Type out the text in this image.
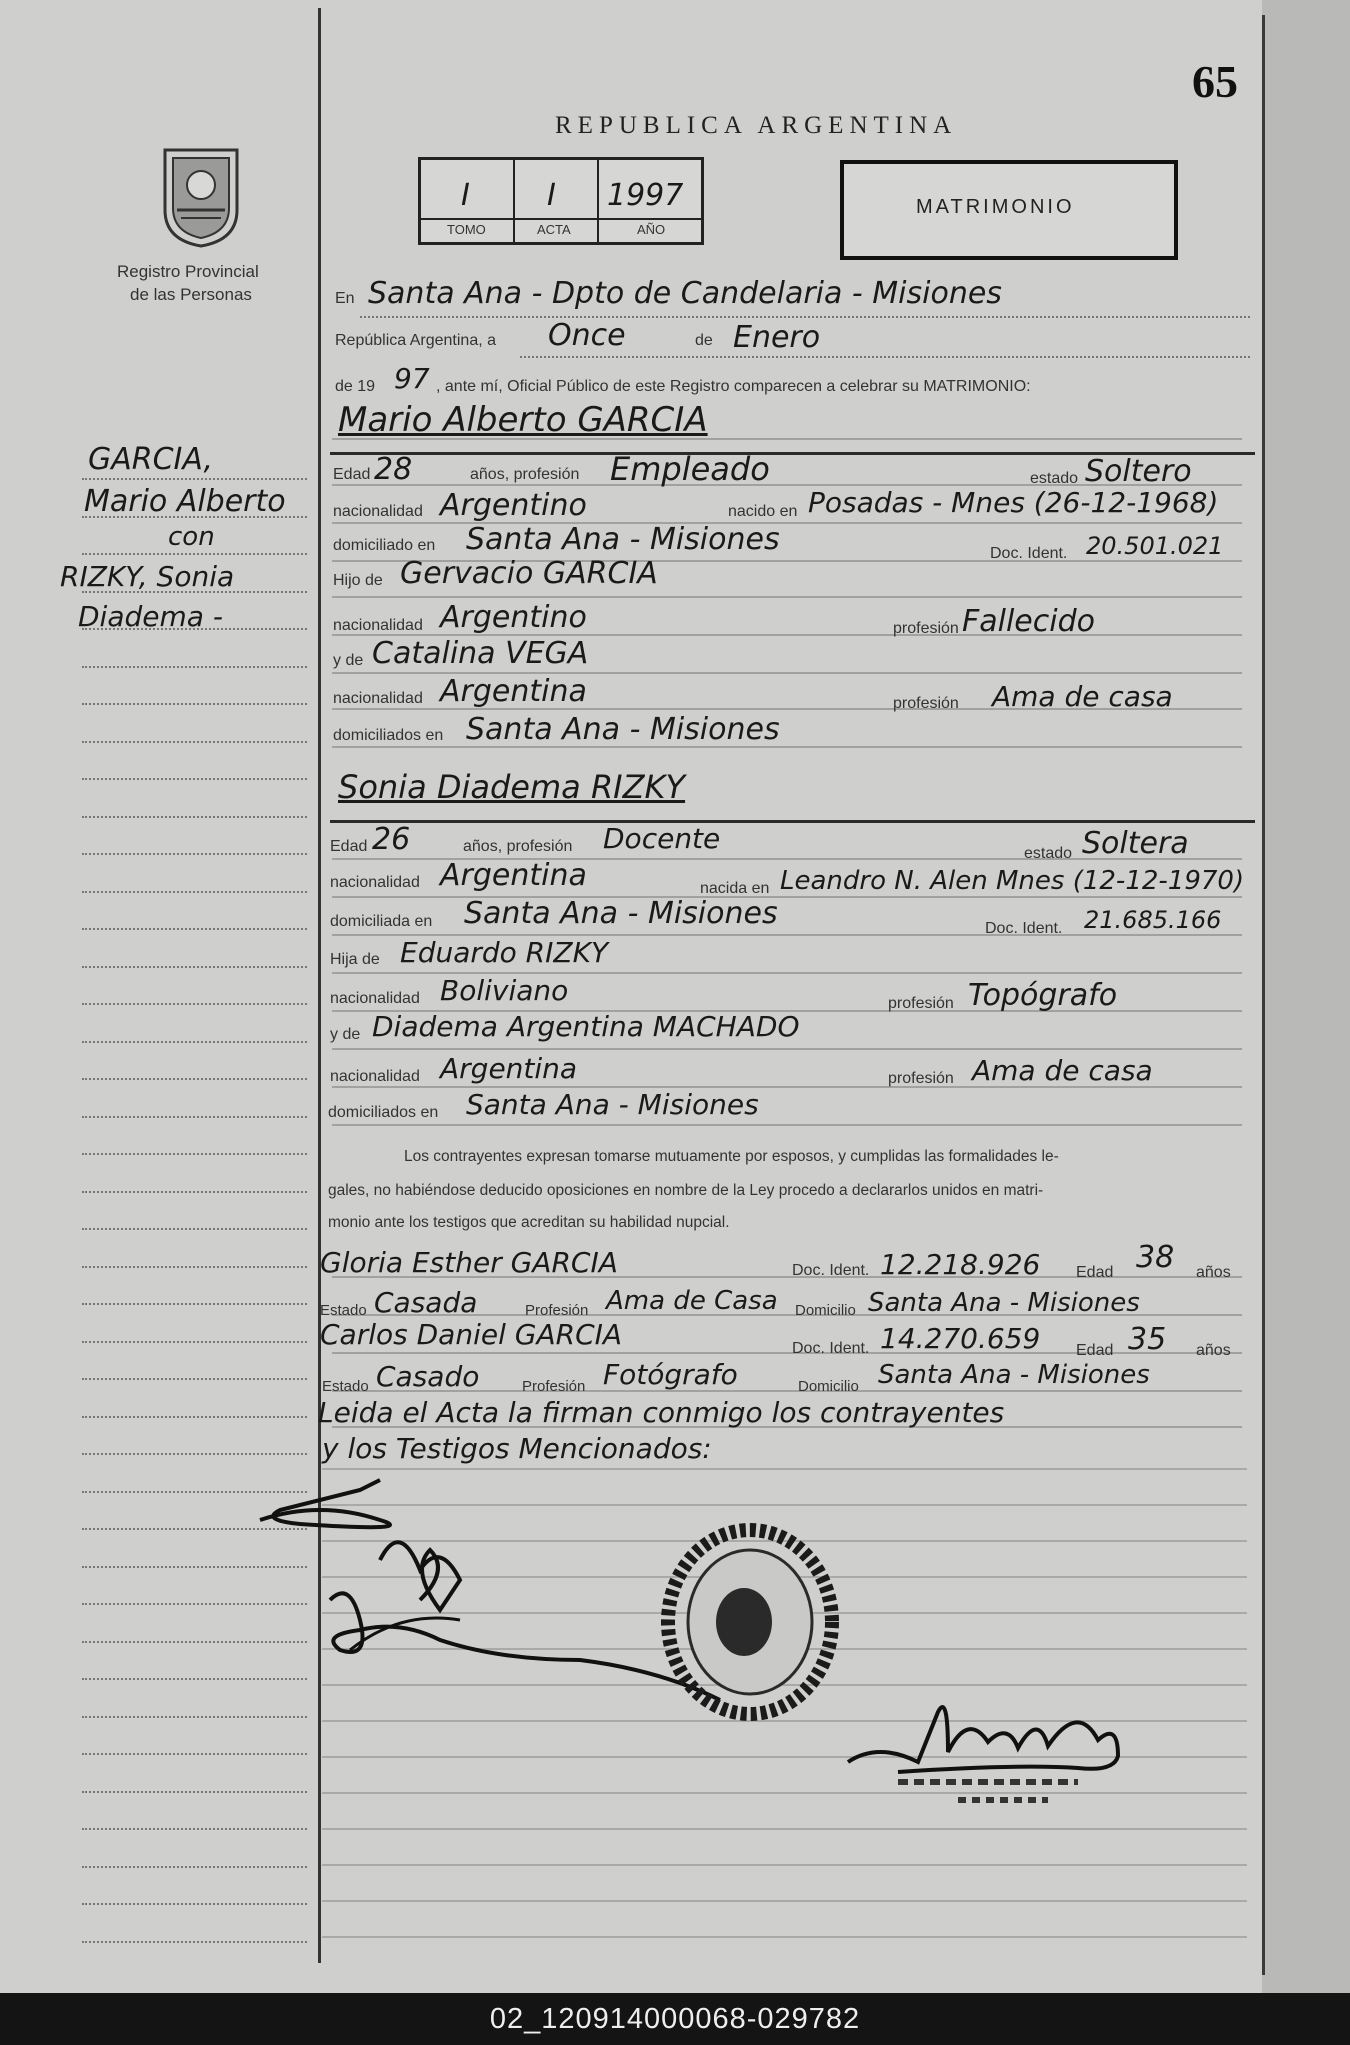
65
Registro Provincial
de las Personas
REPUBLICA ARGENTINA
I	I 1997
TOMO	ACTA	AÑO
MATRIMONIO
GARCIA,
Mario Alberto
con
RIZKY, Sonia
Diadema -
En Santa Ana - Dpto de Candelaria - Misiones
República Argentina, a Once	de Enero
de 19 97 , ante mí, Oficial Público de este Registro comparecen a celebrar su MATRIMONIO:
Mario Alberto GARCIA
Edad 28	años, profesión Empleado	estado Soltero
nacionalidad Argentino	nacido en Posadas - Mnes (26-12-1968)
domiciliado en Santa Ana - Misiones	Doc. Ident. 20.501.021
Hijo de Gervacio GARCIA
nacionalidad Argentino	profesión Fallecido
y de Catalina VEGA
nacionalidad Argentina	profesión Ama de casa
domiciliados en Santa Ana - Misiones
Sonia Diadema RIZKY
Edad 26	años, profesión Docente	estado Soltera
nacionalidad Argentina	nacida en Leandro N. Alen Mnes (12-12-1970)
domiciliada en Santa Ana - Misiones	Doc. Ident. 21.685.166
Hija de Eduardo RIZKY
nacionalidad Boliviano	profesión Topógrafo
y de Diadema Argentina MACHADO
nacionalidad Argentina	profesión Ama de casa
domiciliados en Santa Ana - Misiones
Los contrayentes expresan tomarse mutuamente por esposos, y cumplidas las formalidades le-
gales, no habiéndose deducido oposiciones en nombre de la Ley procedo a declararlos unidos en matri-
monio ante los testigos que acreditan su habilidad nupcial.
Gloria Esther GARCIA	Doc. Ident. 12.218.926 Edad 38 años
Estado Casada	Profesión Ama de Casa Domicilio Santa Ana - Misiones
Carlos Daniel GARCIA	Doc. Ident. 14.270.659 Edad 35 años
Estado Casado	Profesión Fotógrafo	Domicilio Santa Ana - Misiones
Leida el Acta la firman conmigo los contrayentes
y los Testigos Mencionados:
02_120914000068-029782
